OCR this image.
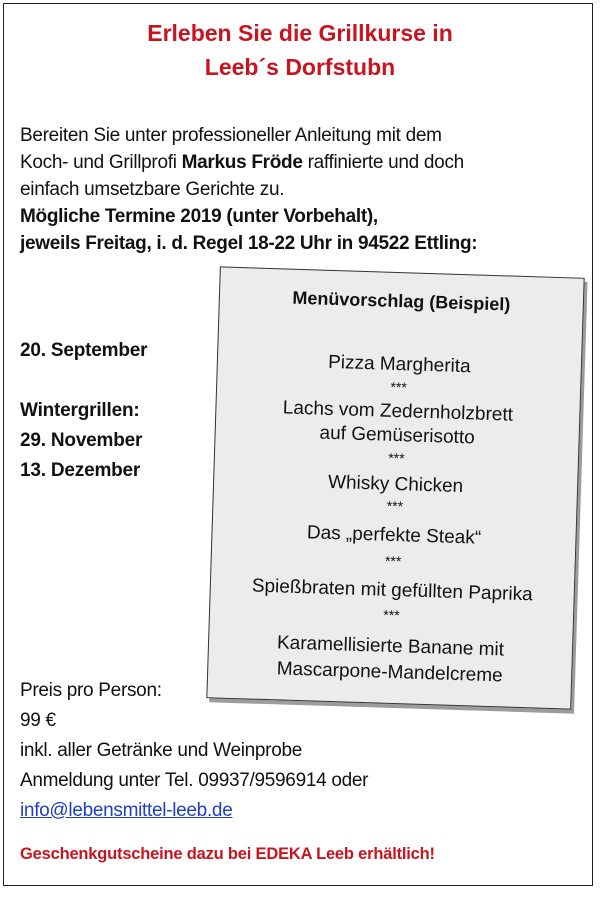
Erleben Sie die Grillkurse in
Leeb´s Dorfstubn
Bereiten Sie unter professioneller Anleitung mit dem
Koch- und Grillprofi Markus Fröde raffinierte und doch
einfach umsetzbare Gerichte zu.
Mögliche Termine 2019 (unter Vorbehalt),
jeweils Freitag, i. d. Regel 18-22 Uhr in 94522 Ettling:
20. September
Wintergrillen:
29. November
13. Dezember
Menüvorschlag (Beispiel)
Pizza Margherita
***
Lachs vom Zedernholzbrett
auf Gemüserisotto
***
Whisky Chicken
***
Das „perfekte Steak“
***
Spießbraten mit gefüllten Paprika
***
Karamellisierte Banane mit
Mascarpone-Mandelcreme
Preis pro Person:
99 €
inkl. aller Getränke und Weinprobe
Anmeldung unter Tel. 09937/9596914 oder
info@lebensmittel-leeb.de
Geschenkgutscheine dazu bei EDEKA Leeb erhältlich!
